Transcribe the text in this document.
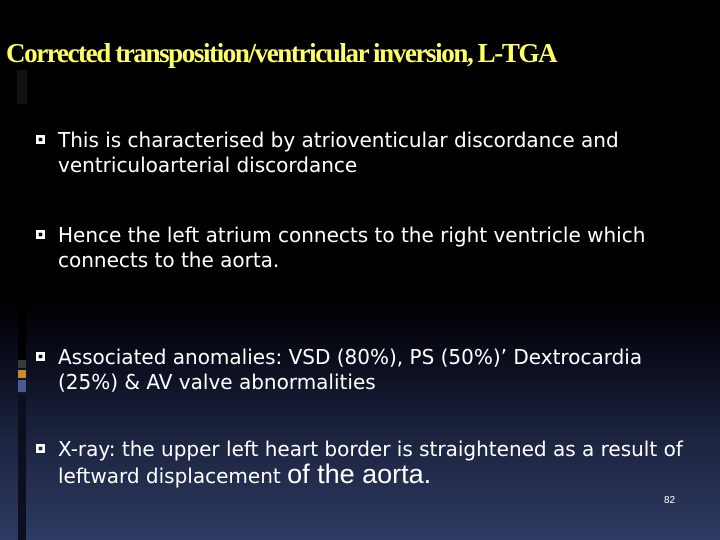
Corrected transposition/ventricular inversion, L-TGA
This is characterised by atrioventicular discordance and ventriculoarterial discordance
Hence the left atrium connects to the right ventricle which connects to the aorta.
Associated anomalies: VSD (80%), PS (50%)’ Dextrocardia (25%) & AV valve abnormalities
X-ray: the upper left heart border is straightened as a result of leftward displacement of the aorta.
82
